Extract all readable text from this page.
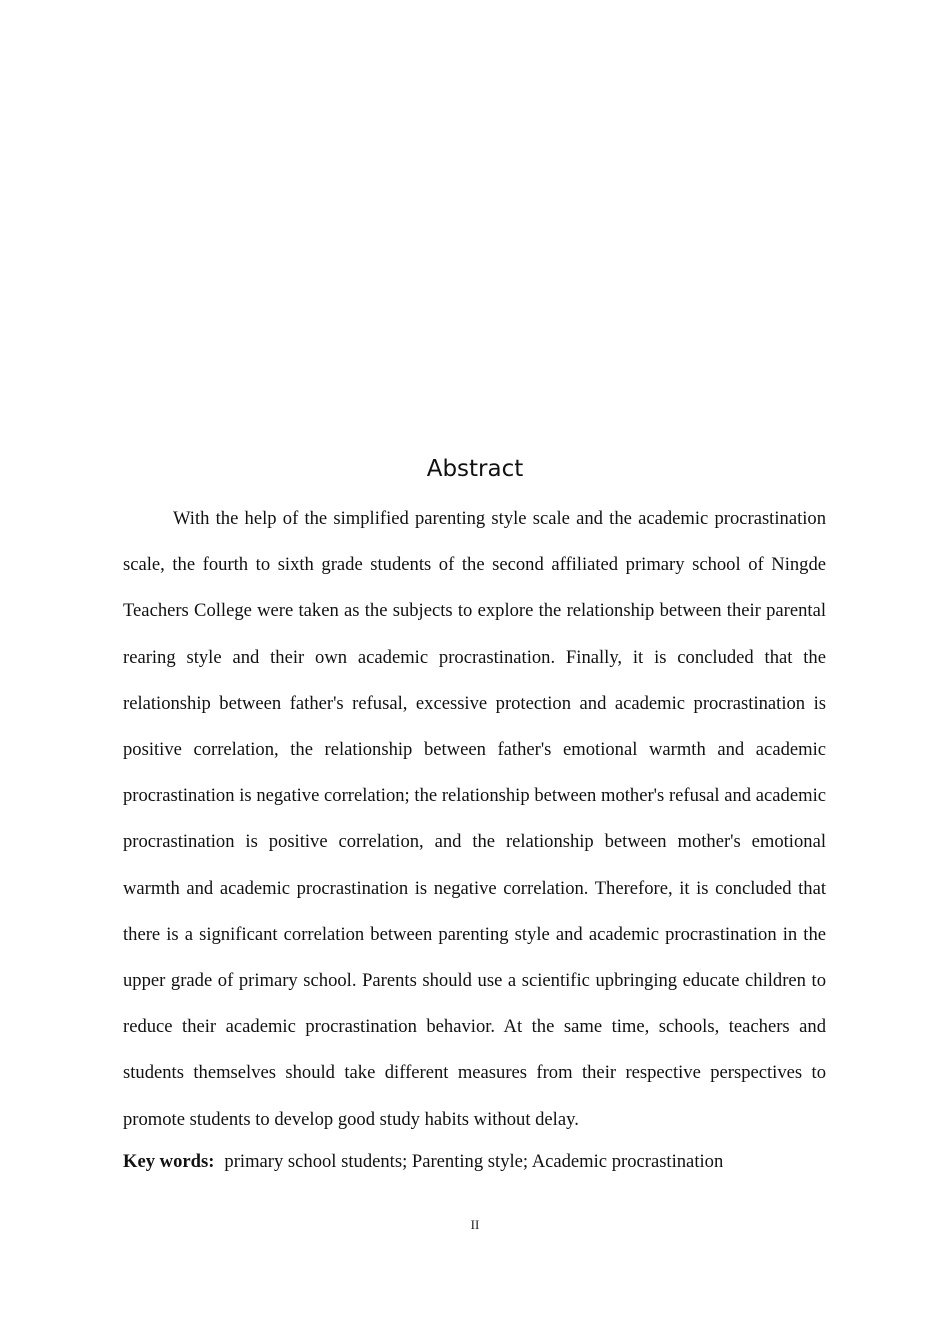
Abstract

With the help of the simplified parenting style scale and the academic procrastination scale, the fourth to sixth grade students of the second affiliated primary school of Ningde Teachers College were taken as the subjects to explore the relationship between their parental rearing style and their own academic procrastination. Finally, it is concluded that the relationship between father's refusal, excessive protection and academic procrastination is positive correlation, the relationship between father's emotional warmth and academic procrastination is negative correlation; the relationship between mother's refusal and academic procrastination is positive correlation, and the relationship between mother's emotional warmth and academic procrastination is negative correlation. Therefore, it is concluded that there is a significant correlation between parenting style and academic procrastination in the upper grade of primary school. Parents should use a scientific upbringing educate children to reduce their academic procrastination behavior. At the same time, schools, teachers and students themselves should take different measures from their respective perspectives to promote students to develop good study habits without delay.

Key words: primary school students; Parenting style; Academic procrastination

II
